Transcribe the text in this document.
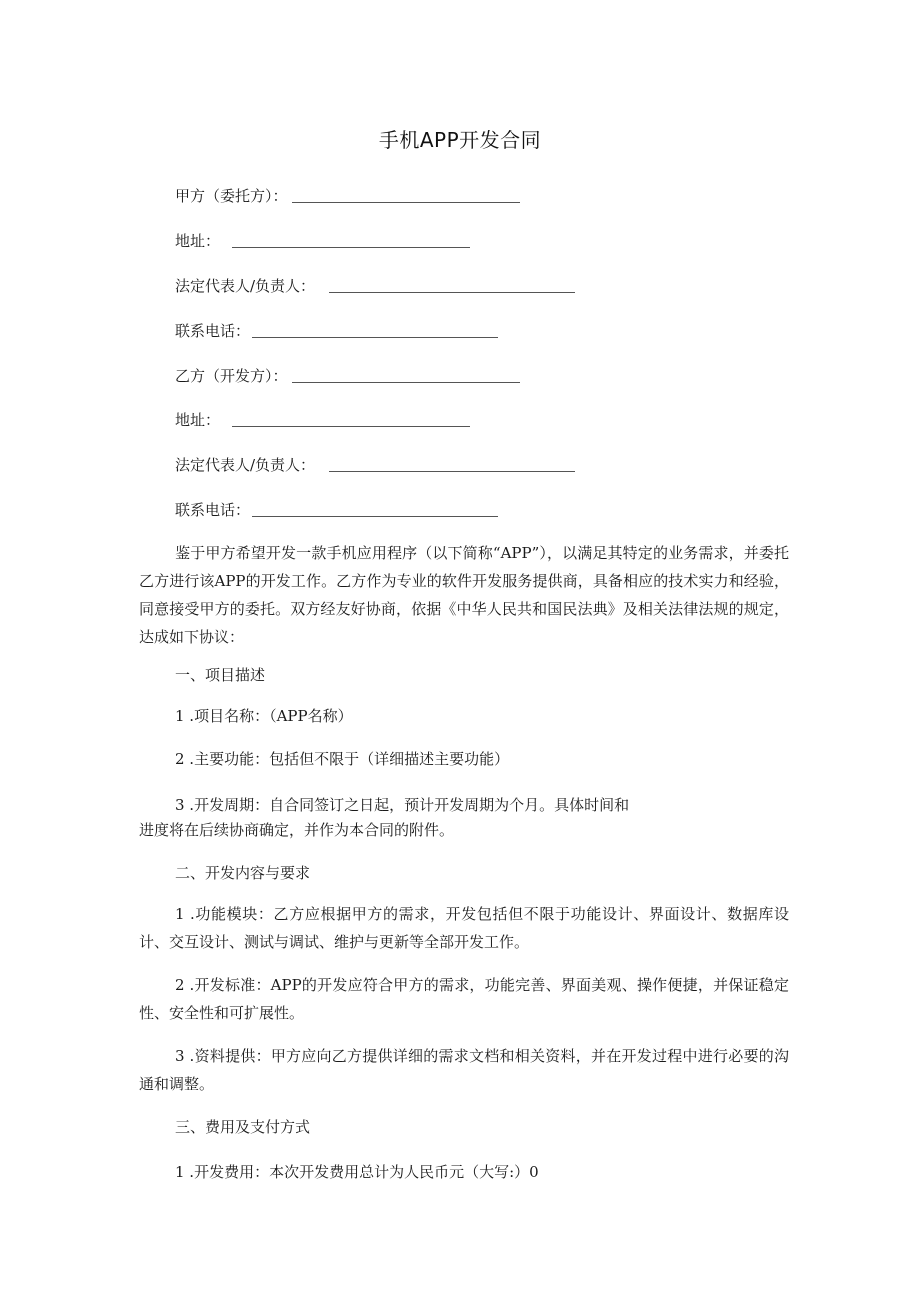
手机APP开发合同
甲方（委托方）：
地址：
法定代表人/负责人：
联系电话：
乙方（开发方）：
地址：
法定代表人/负责人：
联系电话：
鉴于甲方希望开发一款手机应用程序（以下简称“APP”），以满足其特定的业务需求，并委托乙方进行该APP的开发工作。乙方作为专业的软件开发服务提供商，具备相应的技术实力和经验，同意接受甲方的委托。双方经友好协商，依据《中华人民共和国民法典》及相关法律法规的规定，达成如下协议：
一、项目描述
1 .项目名称：（APP名称）
2 .主要功能：包括但不限于（详细描述主要功能）
3 .开发周期：自合同签订之日起，预计开发周期为个月。具体时间和
进度将在后续协商确定，并作为本合同的附件。
二、开发内容与要求
1 .功能模块：乙方应根据甲方的需求，开发包括但不限于功能设计、界面设计、数据库设计、交互设计、测试与调试、维护与更新等全部开发工作。
2 .开发标准：APP的开发应符合甲方的需求，功能完善、界面美观、操作便捷，并保证稳定性、安全性和可扩展性。
3 .资料提供：甲方应向乙方提供详细的需求文档和相关资料，并在开发过程中进行必要的沟通和调整。
三、费用及支付方式
1 .开发费用：本次开发费用总计为人民币元（大写:）0
